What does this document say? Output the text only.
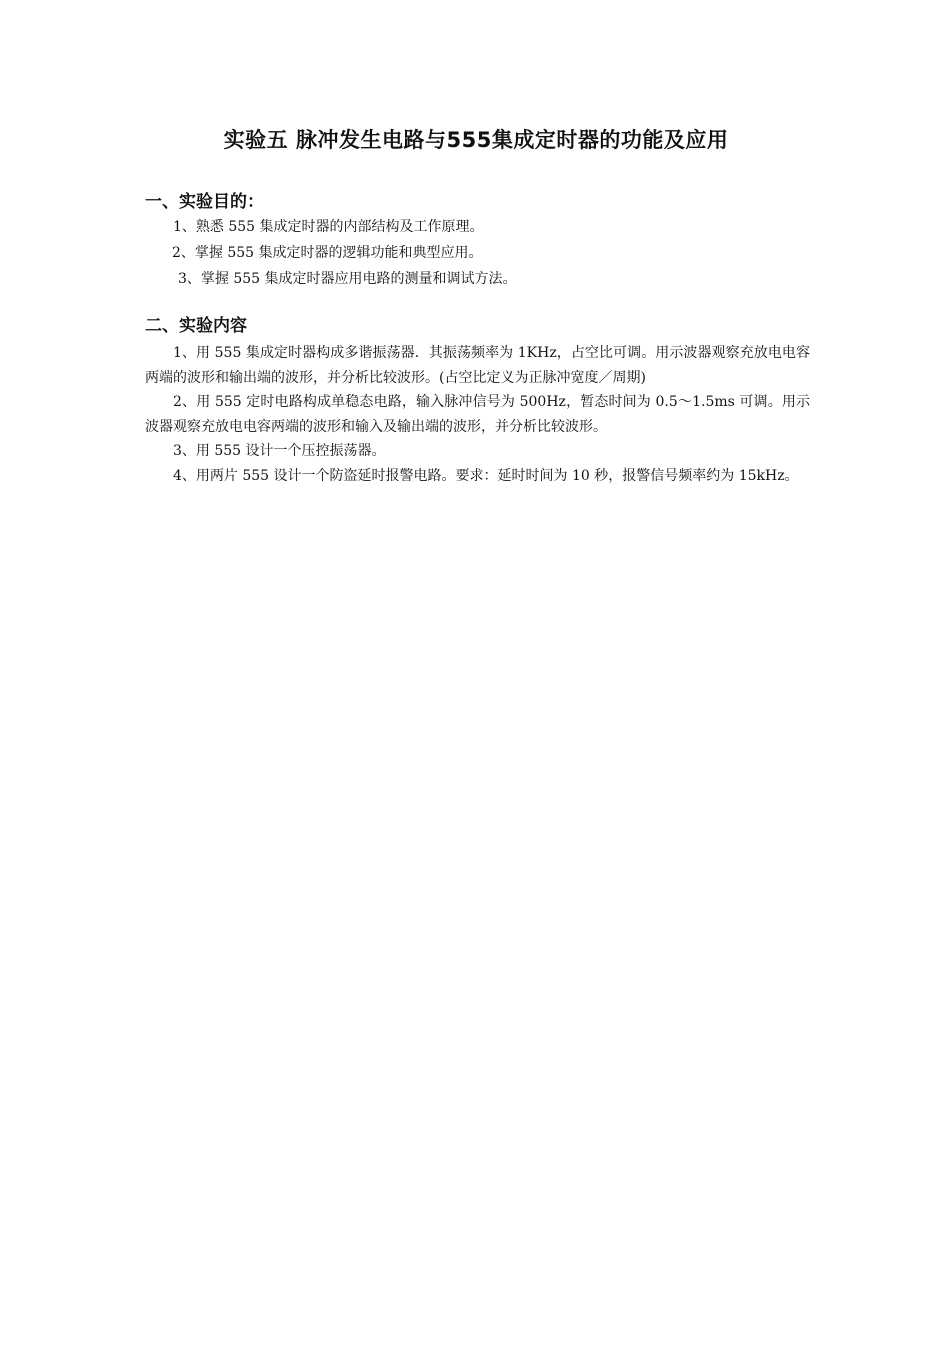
实验五 脉冲发生电路与555集成定时器的功能及应用
一、实验目的：
1、熟悉 555 集成定时器的内部结构及工作原理。
2、掌握 555 集成定时器的逻辑功能和典型应用。
3、掌握 555 集成定时器应用电路的测量和调试方法。
二、实验内容

1、用 555 集成定时器构成多谐振荡器．其振荡频率为 1KHz，占空比可调。用示波器观察充放电电容两端的波形和输出端的波形，并分析比较波形。(占空比定义为正脉冲宽度／周期)

2、用 555 定时电路构成单稳态电路，输入脉冲信号为 500Hz，暂态时间为 0.5～1.5ms 可调。用示波器观察充放电电容两端的波形和输入及输出端的波形，并分析比较波形。

3、用 555 设计一个压控振荡器。

4、用两片 555 设计一个防盗延时报警电路。要求：延时时间为 10 秒，报警信号频率约为 15kHz。
